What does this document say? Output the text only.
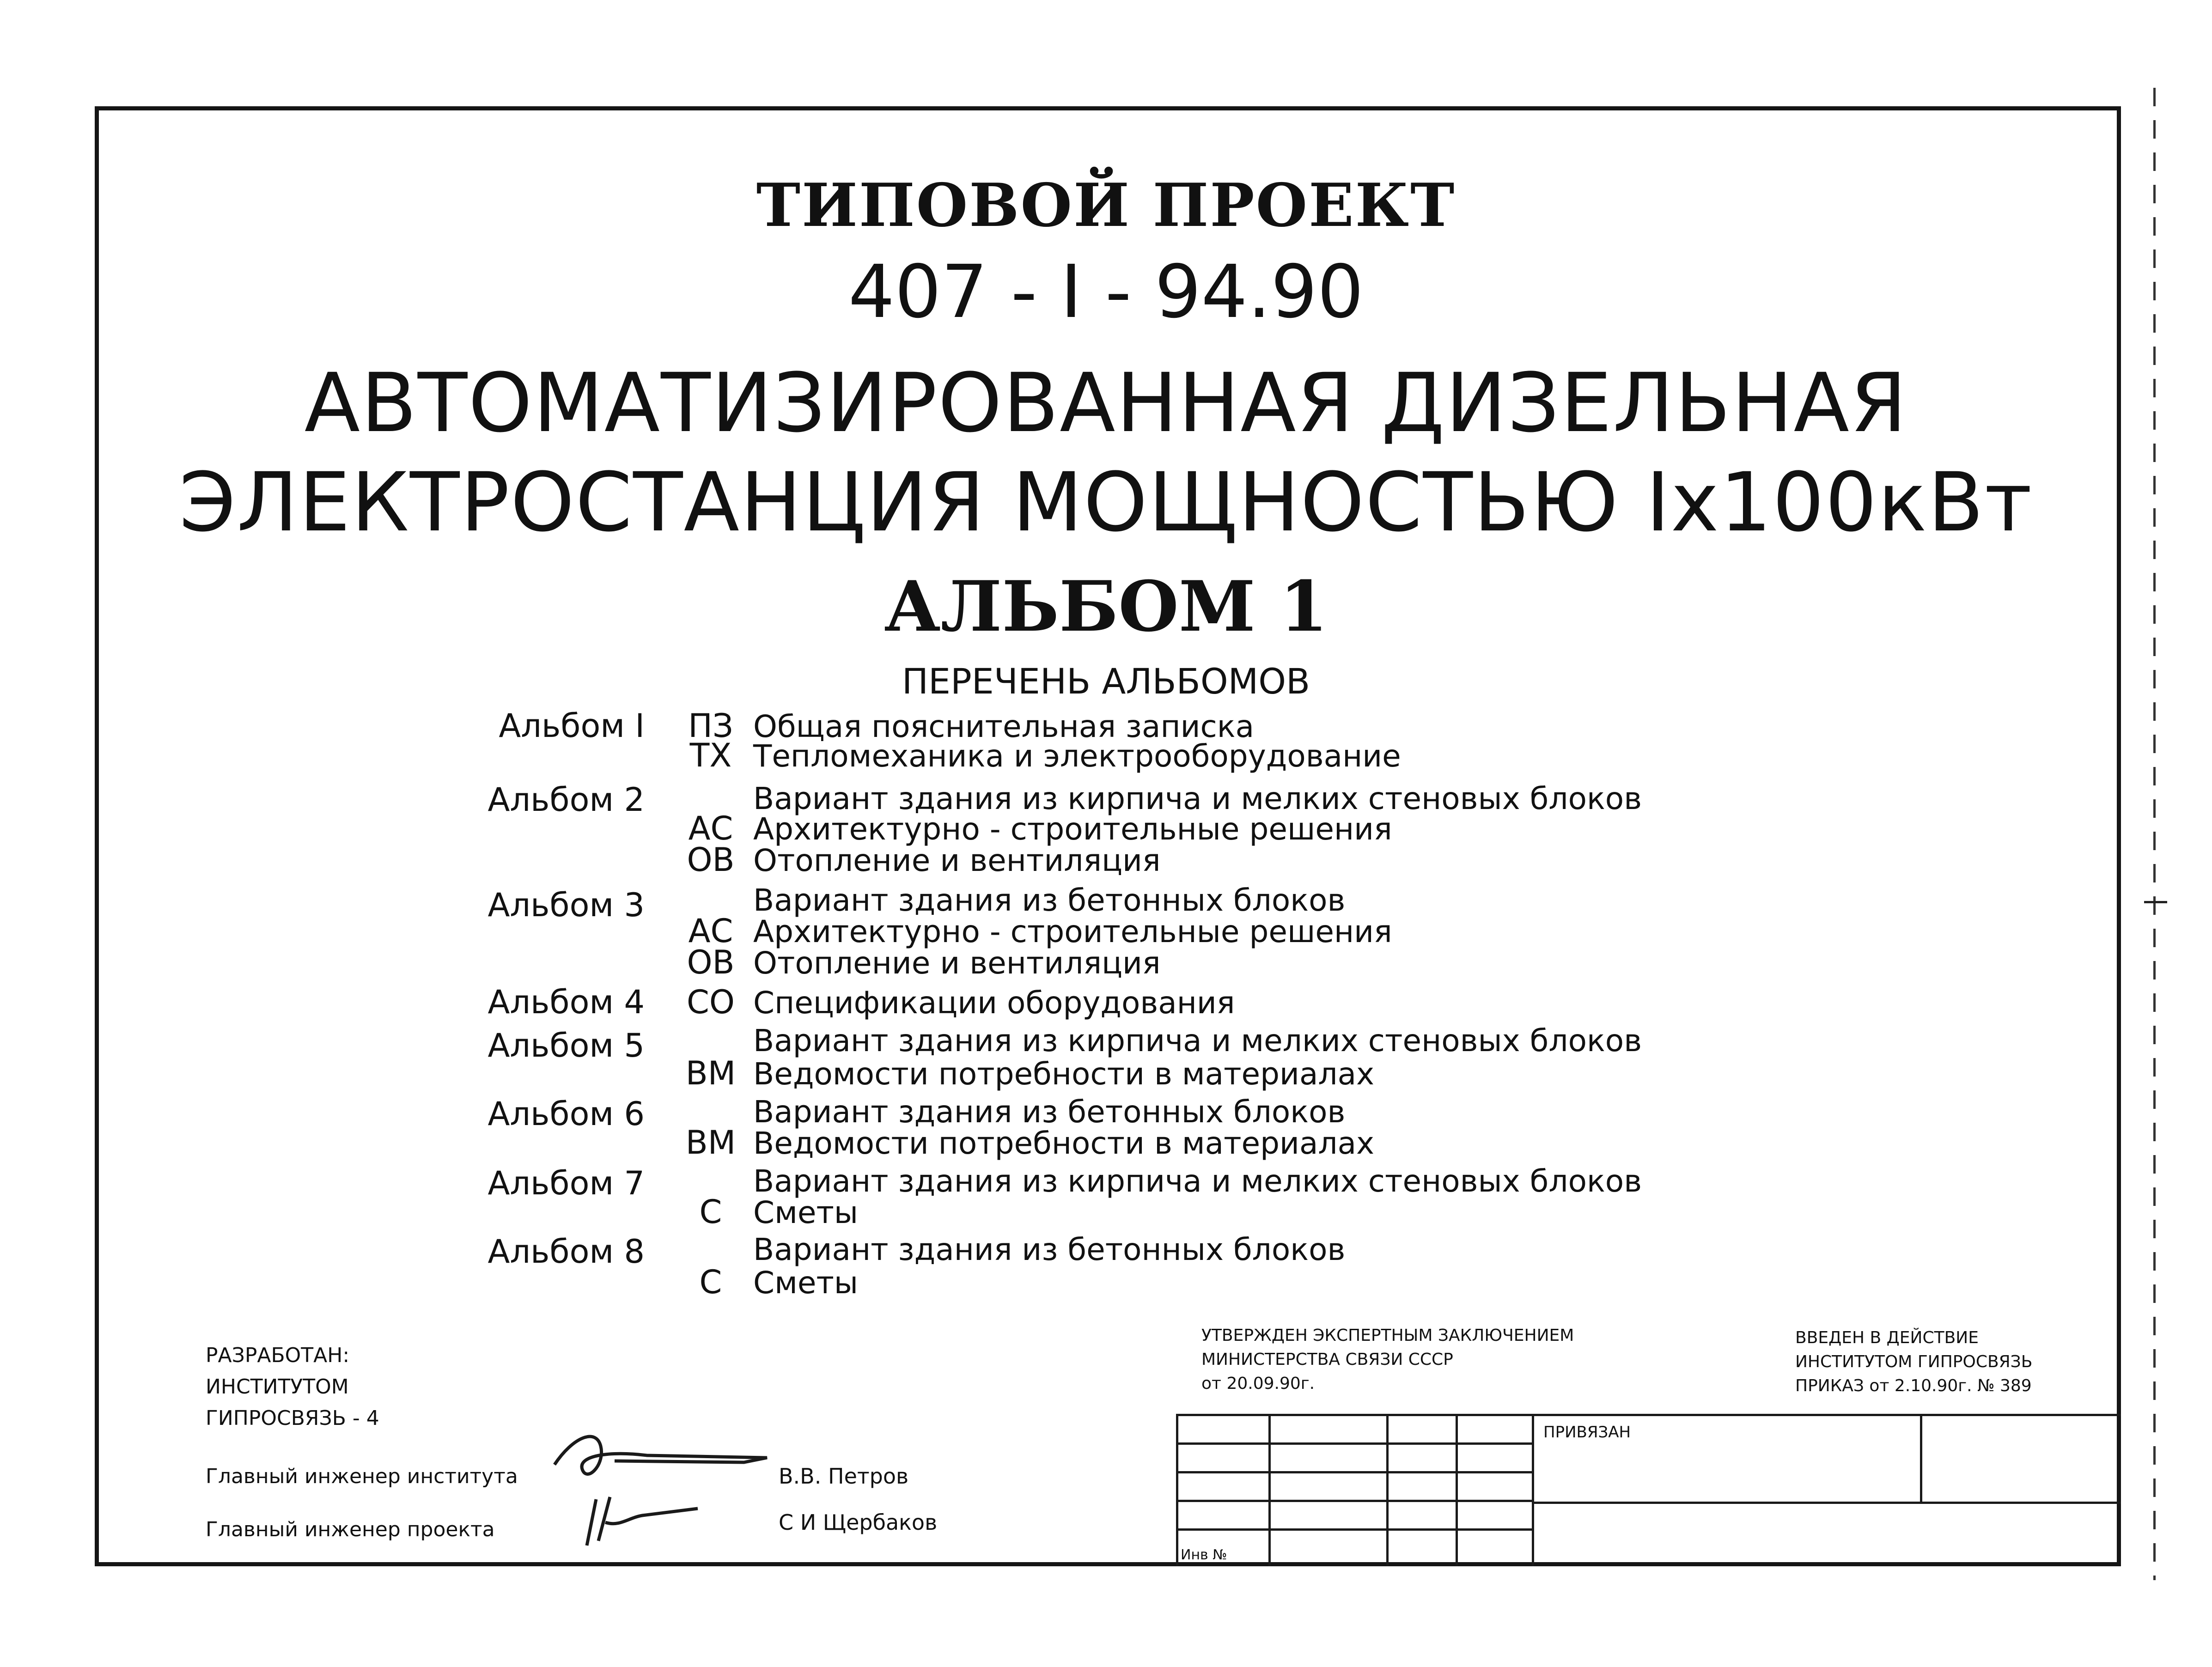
ТИПОВОЙ ПРОЕКТ
407 - I - 94.90
АВТОМАТИЗИРОВАННАЯ ДИЗЕЛЬНАЯ
ЭЛЕКТРОСТАНЦИЯ МОЩНОСТЬЮ Iх100кВт
АЛЬБОМ 1
ПЕРЕЧЕНЬ АЛЬБОМОВ
Альбом I	ПЗ Общая пояснительная записка
ТХ Тепломеханика и электрооборудование
Альбом 2	Вариант здания из кирпича и мелких стеновых блоков
АС Архитектурно - строительные решения
ОВ Отопление и вентиляция
Альбом 3	Вариант здания из бетонных блоков
АС Архитектурно - строительные решения
ОВ Отопление и вентиляция
Альбом 4	СО Спецификации оборудования
Альбом 5	Вариант здания из кирпича и мелких стеновых блоков
ВМ Ведомости потребности в материалах
Альбом 6	Вариант здания из бетонных блоков
ВМ Ведомости потребности в материалах
Альбом 7	Вариант здания из кирпича и мелких стеновых блоков
С	Сметы
Альбом 8	Вариант здания из бетонных блоков
С	Сметы
РАЗРАБОТАН:
ИНСТИТУТОМ
ГИПРОСВЯЗЬ - 4
Главный инженер института	В.В. Петров
Главный инженер проекта	С И Щербаков
УТВЕРЖДЕН ЭКСПЕРТНЫМ ЗАКЛЮЧЕНИЕМ
МИНИСТЕРСТВА СВЯЗИ СССР
от 20.09.90г.
ВВЕДЕН В ДЕЙСТВИЕ
ИНСТИТУТОМ ГИПРОСВЯЗЬ
ПРИКАЗ от 2.10.90г. № 389
ПРИВЯЗАН
Инв №
